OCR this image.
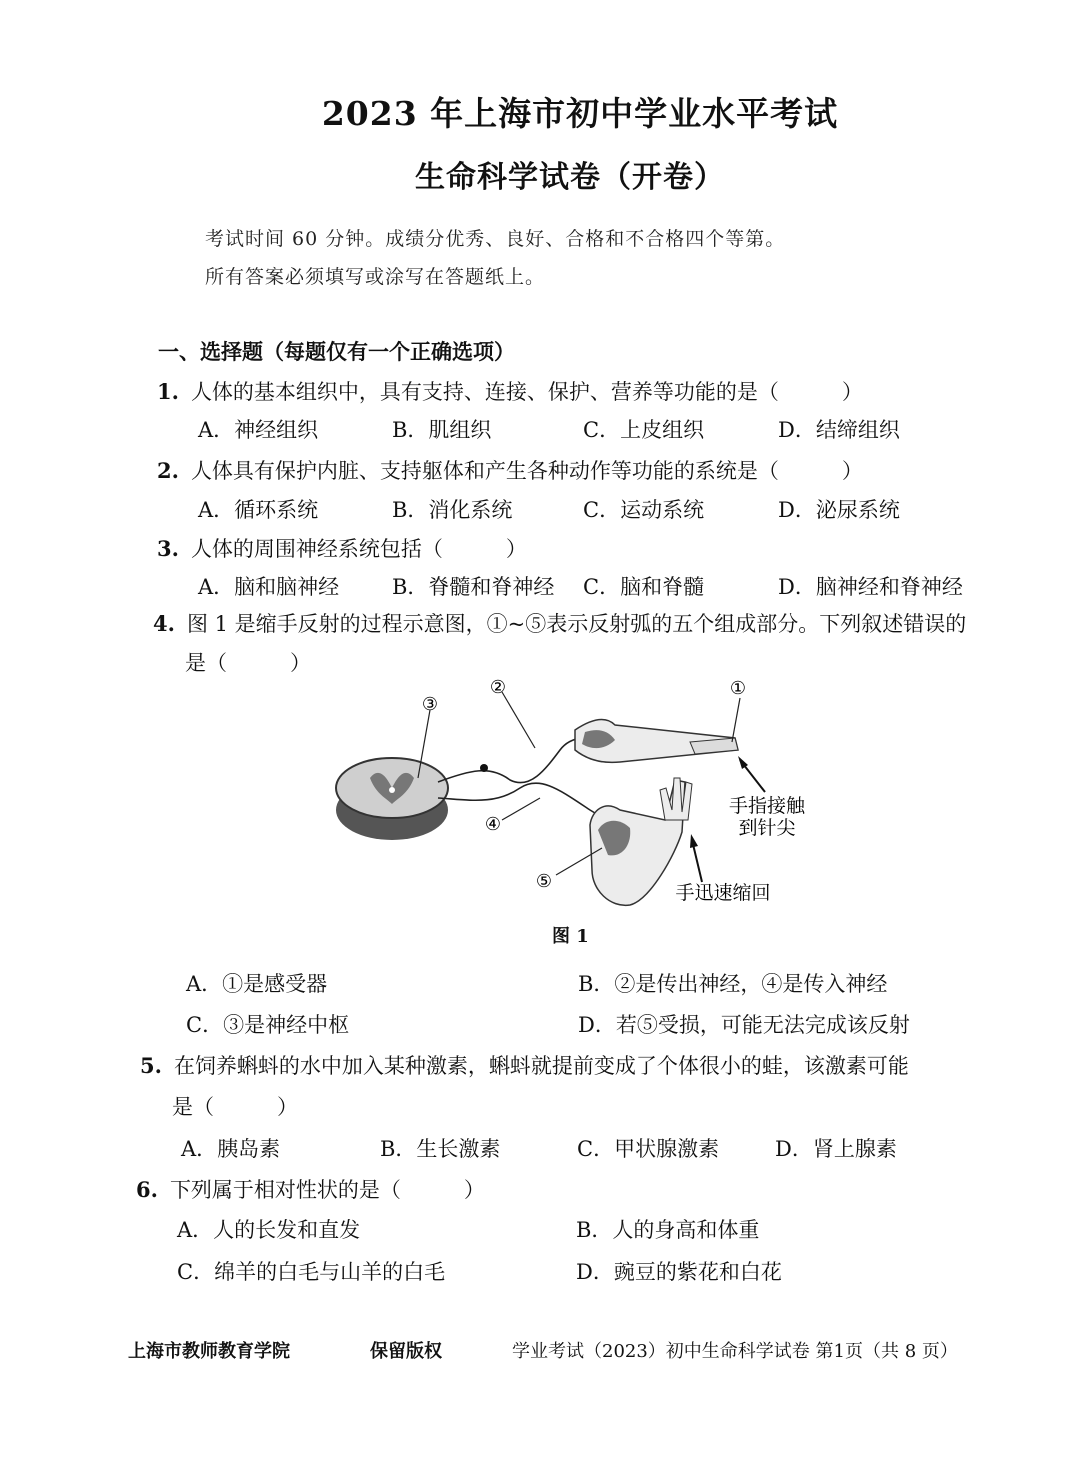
2023 年上海市初中学业水平考试
生命科学试卷（开卷）
考试时间 60 分钟。成绩分优秀、良好、合格和不合格四个等第。
所有答案必须填写或涂写在答题纸上。
一、选择题（每题仅有一个正确选项）
1. 人体的基本组织中，具有支持、连接、保护、营养等功能的是（　　　）
A．神经组织	B．肌组织	C．上皮组织	D．结缔组织
2. 人体具有保护内脏、支持躯体和产生各种动作等功能的系统是（　　　）
A．循环系统	B．消化系统	C．运动系统	D．泌尿系统
3. 人体的周围神经系统包括（　　　）
A．脑和脑神经	B．脊髓和脊神经 C．脑和脊髓	D．脑神经和脊神经
4. 图 1 是缩手反射的过程示意图，①~⑤表示反射弧的五个组成部分。下列叙述错误的
是（　　　）
③
②	①
④
⑤
手指接触
到针尖
手迅速缩回
图 1
A．①是感受器	B．②是传出神经，④是传入神经
C．③是神经中枢	D．若⑤受损，可能无法完成该反射
5. 在饲养蝌蚪的水中加入某种激素，蝌蚪就提前变成了个体很小的蛙，该激素可能
是（　　　）
A．胰岛素	B．生长激素	C．甲状腺激素	D．肾上腺素
6. 下列属于相对性状的是（　　　）
A．人的长发和直发	B．人的身高和体重
C．绵羊的白毛与山羊的白毛	D．豌豆的紫花和白花
上海市教师教育学院	保留版权	学业考试（2023）初中生命科学试卷 第1页（共 8 页）
